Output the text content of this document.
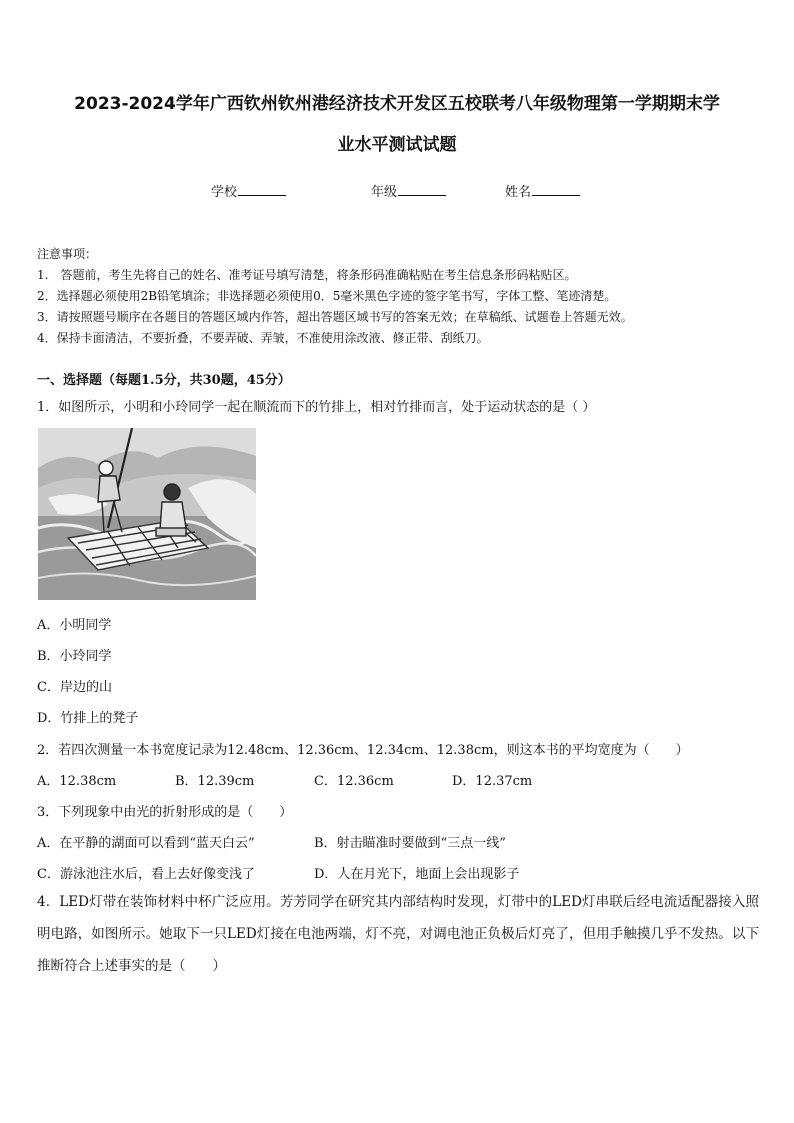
2023-2024学年广西钦州钦州港经济技术开发区五校联考八年级物理第一学期期末学
业水平测试试题
学校	年级	姓名
注意事项：
1.　答题前，考生先将自己的姓名、准考证号填写清楚，将条形码准确粘贴在考生信息条形码粘贴区。
2．选择题必须使用2B铅笔填涂；非选择题必须使用0．5毫米黑色字迹的签字笔书写，字体工整、笔迹清楚。
3．请按照题号顺序在各题目的答题区域内作答，超出答题区域书写的答案无效；在草稿纸、试题卷上答题无效。
4．保持卡面清洁，不要折叠，不要弄破、弄皱，不准使用涂改液、修正带、刮纸刀。
一、选择题（每题1.5分，共30题，45分）
1．如图所示，小明和小玲同学一起在顺流而下的竹排上，相对竹排而言，处于运动状态的是（ ）
A．小明同学
B．小玲同学
C．岸边的山
D．竹排上的凳子
2．若四次测量一本书宽度记录为12.48cm、12.36cm、12.34cm、12.38cm，则这本书的平均宽度为（　　）
A．12.38cm	B．12.39cm	C．12.36cm	D．12.37cm
3．下列现象中由光的折射形成的是（　　）
A．在平静的湖面可以看到“蓝天白云”	B．射击瞄准时要做到“三点一线”
C．游泳池注水后，看上去好像变浅了	D．人在月光下，地面上会出现影子
4．LED灯带在装饰材料中杯广泛应用。芳芳同学在研究其内部结构时发现，灯带中的LED灯串联后经电流适配器接入照明电路，如图所示。她取下一只LED灯接在电池两端，灯不亮，对调电池正负极后灯亮了，但用手触摸几乎不发热。以下推断符合上述事实的是（　　）
